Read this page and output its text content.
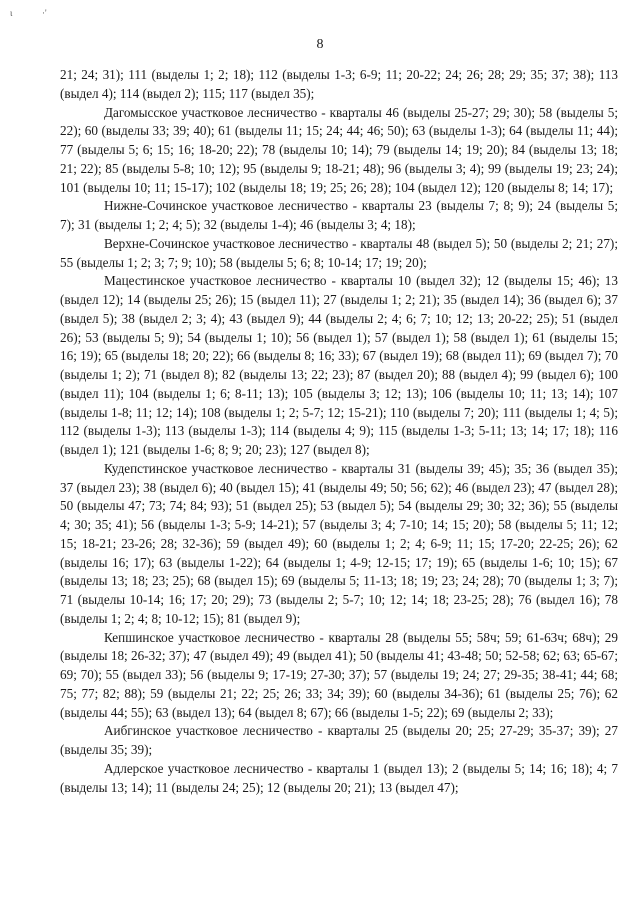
ι	·'
8

21; 24; 31); 111 (выделы 1; 2; 18); 112 (выделы 1-3; 6-9; 11; 20-22; 24; 26; 28; 29; 35; 37; 38); 113 (выдел 4); 114 (выдел 2); 115; 117 (выдел 35);

Дагомысское участковое лесничество - кварталы 46 (выделы 25-27; 29; 30); 58 (выделы 5; 22); 60 (выделы 33; 39; 40); 61 (выделы 11; 15; 24; 44; 46; 50); 63 (выделы 1-3); 64 (выделы 11; 44); 77 (выделы 5; 6; 15; 16; 18-20; 22); 78 (выделы 10; 14); 79 (выделы 14; 19; 20); 84 (выделы 13; 18; 21; 22); 85 (выделы 5-8; 10; 12); 95 (выделы 9; 18-21; 48); 96 (выделы 3; 4); 99 (выделы 19; 23; 24); 101 (выделы 10; 11; 15-17); 102 (выделы 18; 19; 25; 26; 28); 104 (выдел 12); 120 (выделы 8; 14; 17);

Нижне-Сочинское участковое лесничество - кварталы 23 (выделы 7; 8; 9); 24 (выделы 5; 7); 31 (выделы 1; 2; 4; 5); 32 (выделы 1-4); 46 (выделы 3; 4; 18);

Верхне-Сочинское участковое лесничество - кварталы 48 (выдел 5); 50 (выделы 2; 21; 27); 55 (выделы 1; 2; 3; 7; 9; 10); 58 (выделы 5; 6; 8; 10-14; 17; 19; 20);

Мацестинское участковое лесничество - кварталы 10 (выдел 32); 12 (выделы 15; 46); 13 (выдел 12); 14 (выделы 25; 26); 15 (выдел 11); 27 (выделы 1; 2; 21); 35 (выдел 14); 36 (выдел 6); 37 (выдел 5); 38 (выдел 2; 3; 4); 43 (выдел 9); 44 (выделы 2; 4; 6; 7; 10; 12; 13; 20-22; 25); 51 (выдел 26); 53 (выделы 5; 9); 54 (выделы 1; 10); 56 (выдел 1); 57 (выдел 1); 58 (выдел 1); 61 (выделы 15; 16; 19); 65 (выделы 18; 20; 22); 66 (выделы 8; 16; 33); 67 (выдел 19); 68 (выдел 11); 69 (выдел 7); 70 (выделы 1; 2); 71 (выдел 8); 82 (выделы 13; 22; 23); 87 (выдел 20); 88 (выдел 4); 99 (выдел 6); 100 (выдел 11); 104 (выделы 1; 6; 8-11; 13); 105 (выделы 3; 12; 13); 106 (выделы 10; 11; 13; 14); 107 (выделы 1-8; 11; 12; 14); 108 (выделы 1; 2; 5-7; 12; 15-21); 110 (выделы 7; 20); 111 (выделы 1; 4; 5); 112 (выделы 1-3); 113 (выделы 1-3); 114 (выделы 4; 9); 115 (выделы 1-3; 5-11; 13; 14; 17; 18); 116 (выдел 1); 121 (выделы 1-6; 8; 9; 20; 23); 127 (выдел 8);

Кудепстинское участковое лесничество - кварталы 31 (выделы 39; 45); 35; 36 (выдел 35); 37 (выдел 23); 38 (выдел 6); 40 (выдел 15); 41 (выделы 49; 50; 56; 62); 46 (выдел 23); 47 (выдел 28); 50 (выделы 47; 73; 74; 84; 93); 51 (выдел 25); 53 (выдел 5); 54 (выделы 29; 30; 32; 36); 55 (выделы 4; 30; 35; 41); 56 (выделы 1-3; 5-9; 14-21); 57 (выделы 3; 4; 7-10; 14; 15; 20); 58 (выделы 5; 11; 12; 15; 18-21; 23-26; 28; 32-36); 59 (выдел 49); 60 (выделы 1; 2; 4; 6-9; 11; 15; 17-20; 22-25; 26); 62 (выделы 16; 17); 63 (выделы 1-22); 64 (выделы 1; 4-9; 12-15; 17; 19); 65 (выделы 1-6; 10; 15); 67 (выделы 13; 18; 23; 25); 68 (выдел 15); 69 (выделы 5; 11-13; 18; 19; 23; 24; 28); 70 (выделы 1; 3; 7); 71 (выделы 10-14; 16; 17; 20; 29); 73 (выделы 2; 5-7; 10; 12; 14; 18; 23-25; 28); 76 (выдел 16); 78 (выделы 1; 2; 4; 8; 10-12; 15); 81 (выдел 9);

Кепшинское участковое лесничество - кварталы 28 (выделы 55; 58ч; 59; 61-63ч; 68ч); 29 (выделы 18; 26-32; 37); 47 (выдел 49); 49 (выдел 41); 50 (выделы 41; 43-48; 50; 52-58; 62; 63; 65-67; 69; 70); 55 (выдел 33); 56 (выделы 9; 17-19; 27-30; 37); 57 (выделы 19; 24; 27; 29-35; 38-41; 44; 68; 75; 77; 82; 88); 59 (выделы 21; 22; 25; 26; 33; 34; 39); 60 (выделы 34-36); 61 (выделы 25; 76); 62 (выделы 44; 55); 63 (выдел 13); 64 (выдел 8; 67); 66 (выделы 1-5; 22); 69 (выделы 2; 33);

Аибгинское участковое лесничество - кварталы 25 (выделы 20; 25; 27-29; 35-37; 39); 27 (выделы 35; 39);

Адлерское участковое лесничество - кварталы 1 (выдел 13); 2 (выделы 5; 14; 16; 18); 4; 7 (выделы 13; 14); 11 (выделы 24; 25); 12 (выделы 20; 21); 13 (выдел 47);
